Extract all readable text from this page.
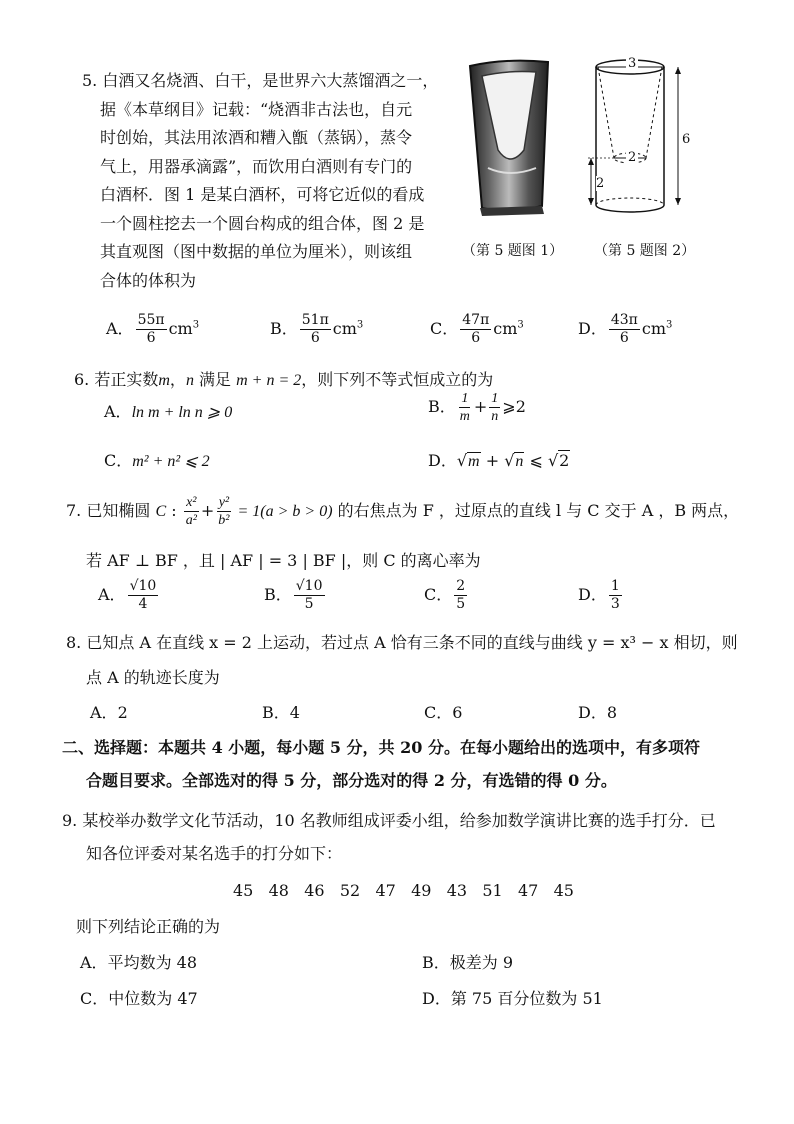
5. 白酒又名烧酒、白干，是世界六大蒸馏酒之一，
据《本草纲目》记载：“烧酒非古法也，自元
时创始，其法用浓酒和糟入甑（蒸锅），蒸令
气上，用器承滴露”，而饮用白酒则有专门的
白酒杯．图 1 是某白酒杯，可将它近似的看成
一个圆柱挖去一个圆台构成的组合体，图 2 是
其直观图（图中数据的单位为厘米），则该组
合体的体积为
（第 5 题图 1）
3
2
6
2
（第 5 题图 2）
A． $\frac{55\pi}{6} cm^3$	B． $\frac{51\pi}{6} cm^3$	C． $\frac{47\pi}{6} cm^3$	D． $\frac{43\pi}{6} cm^3$
6. 若正实数m，n 满足 m + n = 2，则下列不等式恒成立的为
A．ln m + ln n ⩾ 0	B． $\frac{1}{m} + \frac{1}{n}$ ⩾2
C．m² + n² ⩽ 2	D．√m + √n ⩽ √2
7. 已知椭圆 C : $\frac{\text{x²}}{\text{a²}} + \frac{\text{y²}}{\text{b²}} = 1(a > b > 0)$ 的右焦点为 F ，过原点的直线 l 与 C 交于 A ，B 两点，
若 AF ⊥ BF ，且 | AF | = 3 | BF |，则 C 的离心率为
A． $\frac{√10}{4}$	B． $\frac{√10}{5}$	C． $\frac{2}{5}$	D． $\frac{1}{3}$
8. 已知点 A 在直线 x = 2 上运动，若过点 A 恰有三条不同的直线与曲线 y = x³ − x 相切，则
点 A 的轨迹长度为
A．2	B．4	C．6	D．8
二、选择题：本题共 4 小题，每小题 5 分，共 20 分。在每小题给出的选项中，有多项符
合题目要求。全部选对的得 5 分，部分选对的得 2 分，有选错的得 0 分。
9. 某校举办数学文化节活动，10 名教师组成评委小组，给参加数学演讲比赛的选手打分．已
知各位评委对某名选手的打分如下：
45 48 46 52 47 49 43 51 47 45
则下列结论正确的为
A．平均数为 48	B．极差为 9
C．中位数为 47	D．第 75 百分位数为 51
